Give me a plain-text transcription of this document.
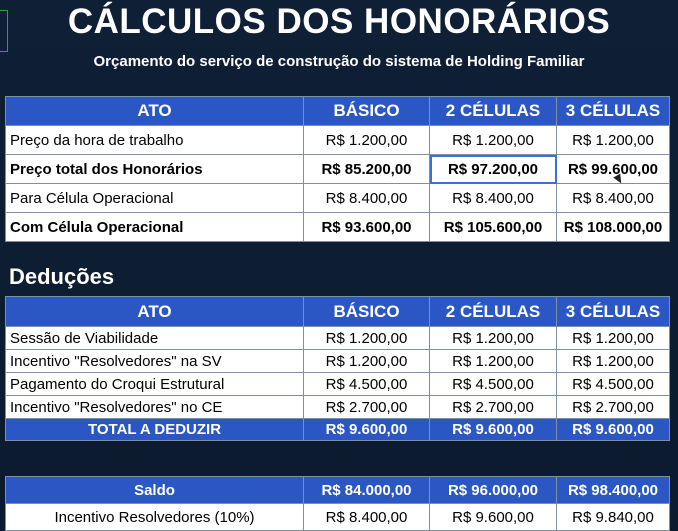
CÁLCULOS DOS HONORÁRIOS
Orçamento do serviço de construção do sistema de Holding Familiar
ATO	BÁSICO	2 CÉLULAS	3 CÉLULAS
Preço da hora de trabalho	R$ 1.200,00	R$ 1.200,00	R$ 1.200,00
Preço total dos Honorários	R$ 85.200,00	R$ 97.200,00	R$ 99.600,00
Para Célula Operacional	R$ 8.400,00	R$ 8.400,00	R$ 8.400,00
Com Célula Operacional	R$ 93.600,00	R$ 105.600,00	R$ 108.000,00
Deduções
ATO	BÁSICO	2 CÉLULAS	3 CÉLULAS
Sessão de Viabilidade	R$ 1.200,00	R$ 1.200,00	R$ 1.200,00
Incentivo "Resolvedores" na SV	R$ 1.200,00	R$ 1.200,00	R$ 1.200,00
Pagamento do Croqui Estrutural	R$ 4.500,00	R$ 4.500,00	R$ 4.500,00
Incentivo "Resolvedores" no CE	R$ 2.700,00	R$ 2.700,00	R$ 2.700,00
TOTAL A DEDUZIR	R$ 9.600,00	R$ 9.600,00	R$ 9.600,00
Saldo	R$ 84.000,00	R$ 96.000,00	R$ 98.400,00
Incentivo Resolvedores (10%)	R$ 8.400,00	R$ 9.600,00	R$ 9.840,00
